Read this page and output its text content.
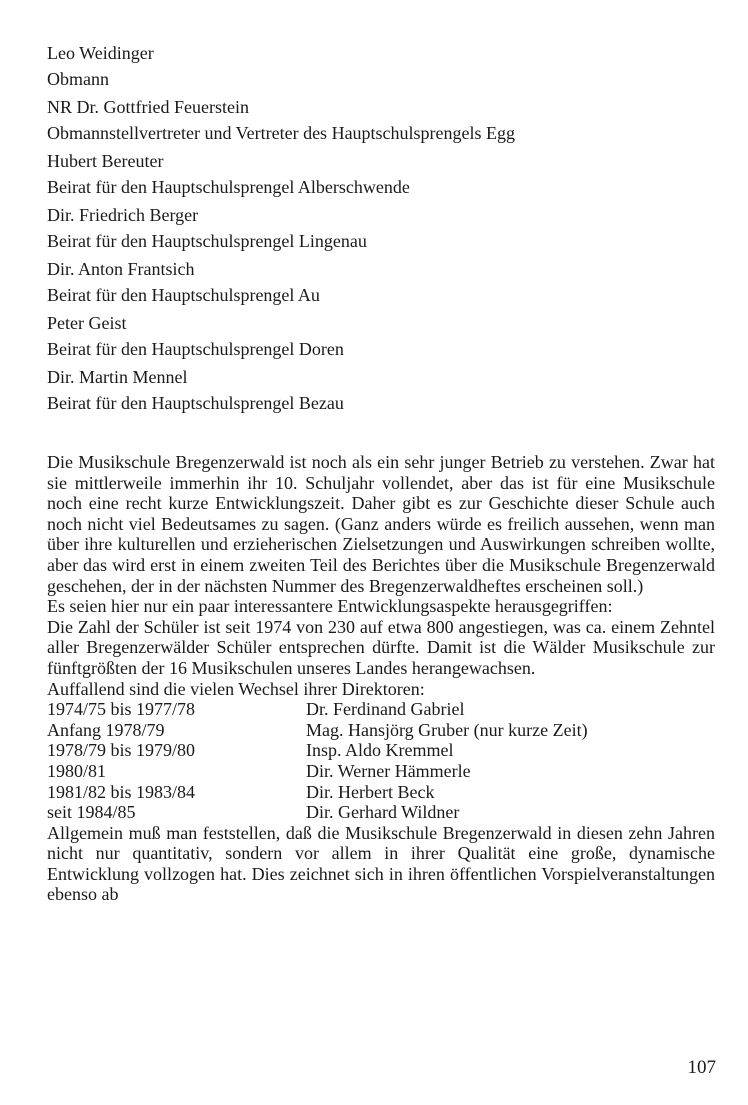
Leo Weidinger
Obmann
NR Dr. Gottfried Feuerstein
Obmannstellvertreter und Vertreter des Hauptschulsprengels Egg
Hubert Bereuter
Beirat für den Hauptschulsprengel Alberschwende
Dir. Friedrich Berger
Beirat für den Hauptschulsprengel Lingenau
Dir. Anton Frantsich
Beirat für den Hauptschulsprengel Au
Peter Geist
Beirat für den Hauptschulsprengel Doren
Dir. Martin Mennel
Beirat für den Hauptschulsprengel Bezau

Die Musikschule Bregenzerwald ist noch als ein sehr junger Betrieb zu verstehen. Zwar hat sie mittlerweile immerhin ihr 10. Schuljahr vollendet, aber das ist für eine Musikschule noch eine recht kurze Entwicklungszeit. Daher gibt es zur Geschichte dieser Schule auch noch nicht viel Bedeutsames zu sagen. (Ganz anders würde es freilich aussehen, wenn man über ihre kulturellen und erzieherischen Zielsetzungen und Auswirkungen schreiben wollte, aber das wird erst in einem zweiten Teil des Berichtes über die Musikschule Bregenzerwald geschehen, der in der nächsten Nummer des Bregenzerwaldheftes erscheinen soll.)

Es seien hier nur ein paar interessantere Entwicklungsaspekte herausgegriffen:

Die Zahl der Schüler ist seit 1974 von 230 auf etwa 800 angestiegen, was ca. einem Zehntel aller Bregenzerwälder Schüler entsprechen dürfte. Damit ist die Wälder Musikschule zur fünftgrößten der 16 Musikschulen unseres Landes herangewachsen.

Auffallend sind die vielen Wechsel ihrer Direktoren:

1974/75 bis 1977/78	Dr. Ferdinand Gabriel
Anfang 1978/79	Mag. Hansjörg Gruber (nur kurze Zeit)
1978/79 bis 1979/80	Insp. Aldo Kremmel
1980/81	Dir. Werner Hämmerle
1981/82 bis 1983/84	Dir. Herbert Beck
seit 1984/85	Dir. Gerhard Wildner

Allgemein muß man feststellen, daß die Musikschule Bregenzerwald in diesen zehn Jahren nicht nur quantitativ, sondern vor allem in ihrer Qualität eine große, dynamische Entwicklung vollzogen hat. Dies zeichnet sich in ihren öffentlichen Vorspielveranstaltungen ebenso ab

107
